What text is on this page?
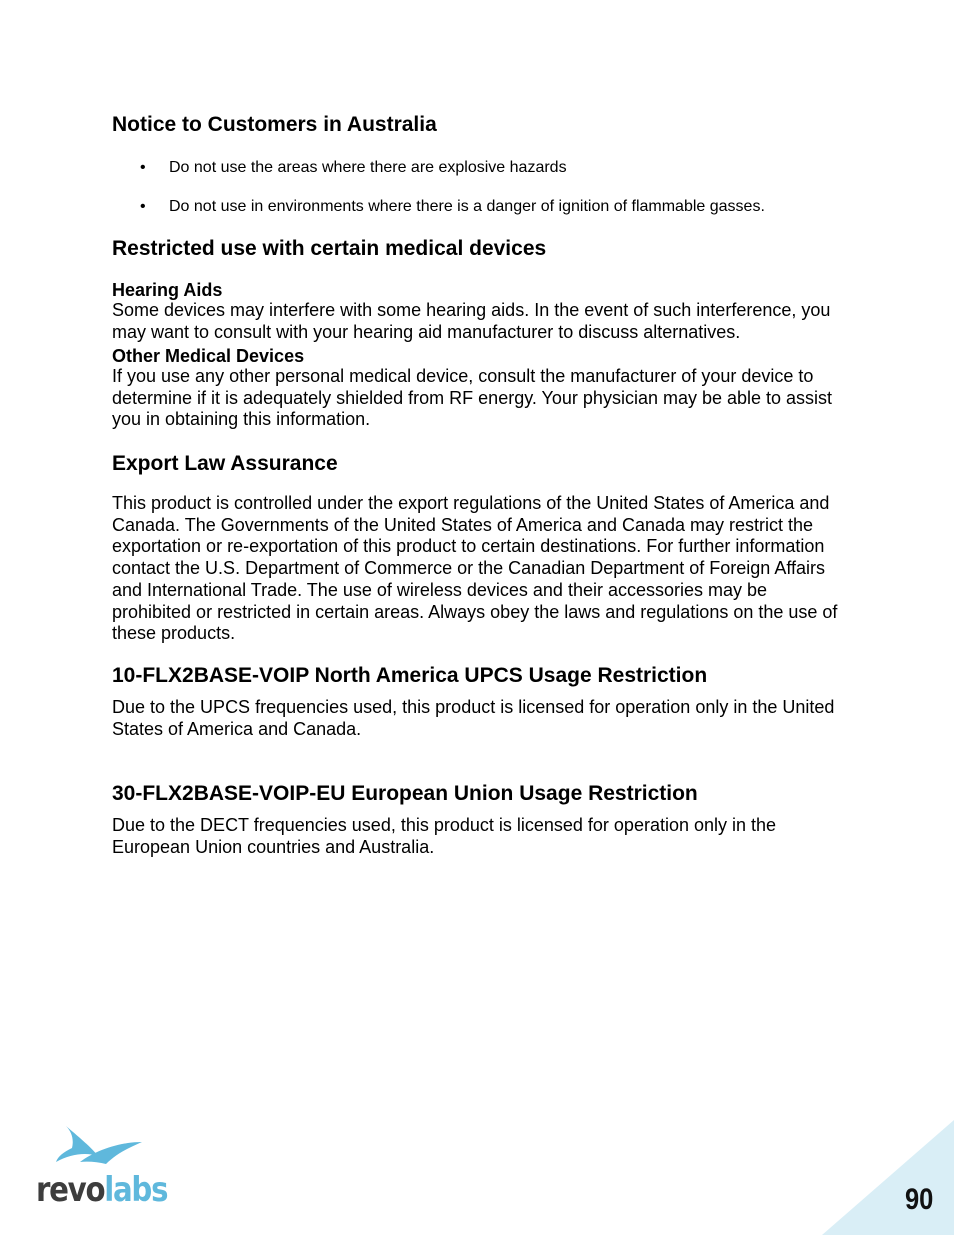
Notice to Customers in Australia
• Do not use the areas where there are explosive hazards
• Do not use in environments where there is a danger of ignition of flammable gasses.
Restricted use with certain medical devices
Hearing Aids

Some devices may interfere with some hearing aids. In the event of such interference, you may want to consult with your hearing aid manufacturer to discuss alternatives.

Other Medical Devices

If you use any other personal medical device, consult the manufacturer of your device to determine if it is adequately shielded from RF energy. Your physician may be able to assist you in obtaining this information.

Export Law Assurance

This product is controlled under the export regulations of the United States of America and Canada. The Governments of the United States of America and Canada may restrict the exportation or re-exportation of this product to certain destinations. For further information contact the U.S. Department of Commerce or the Canadian Department of Foreign Affairs and International Trade. The use of wireless devices and their accessories may be prohibited or restricted in certain areas. Always obey the laws and regulations on the use of these products.

10-FLX2BASE-VOIP North America UPCS Usage Restriction

Due to the UPCS frequencies used, this product is licensed for operation only in the United States of America and Canada.

30-FLX2BASE-VOIP-EU European Union Usage Restriction

Due to the DECT frequencies used, this product is licensed for operation only in the European Union countries and Australia.

revolabs	90
